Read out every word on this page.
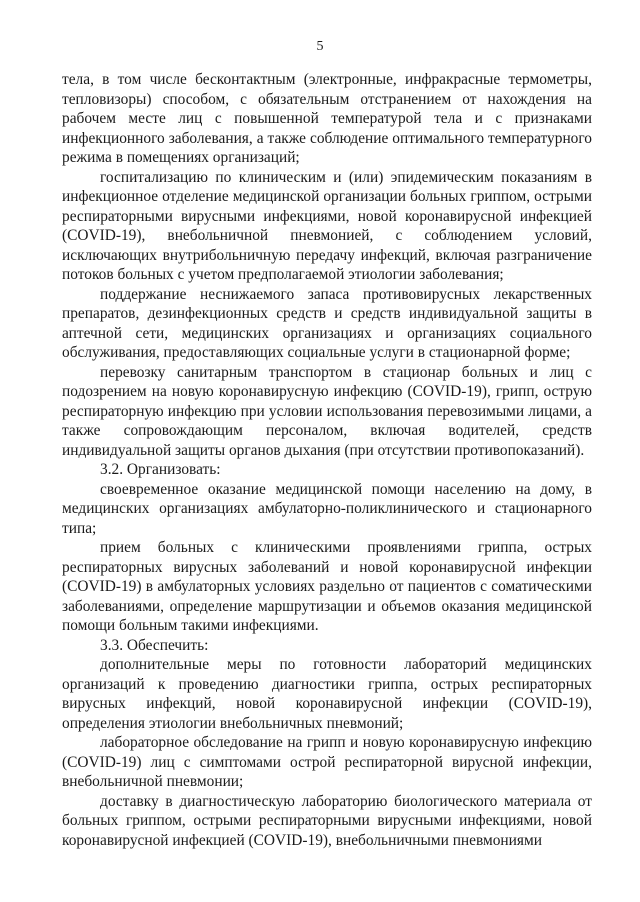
5

тела, в том числе бесконтактным (электронные, инфракрасные термометры, тепловизоры) способом, с обязательным отстранением от нахождения на рабочем месте лиц с повышенной температурой тела и с признаками инфекционного заболевания, а также соблюдение оптимального температурного режима в помещениях организаций;

госпитализацию по клиническим и (или) эпидемическим показаниям в инфекционное отделение медицинской организации больных гриппом, острыми респираторными вирусными инфекциями, новой коронавирусной инфекцией (COVID-19), внебольничной пневмонией, с соблюдением условий, исключающих внутрибольничную передачу инфекций, включая разграничение потоков больных с учетом предполагаемой этиологии заболевания;

поддержание неснижаемого запаса противовирусных лекарственных препаратов, дезинфекционных средств и средств индивидуальной защиты в аптечной сети, медицинских организациях и организациях социального обслуживания, предоставляющих социальные услуги в стационарной форме;

перевозку санитарным транспортом в стационар больных и лиц с подозрением на новую коронавирусную инфекцию (COVID-19), грипп, острую респираторную инфекцию при условии использования перевозимыми лицами, а также сопровождающим персоналом, включая водителей, средств индивидуальной защиты органов дыхания (при отсутствии противопоказаний).

3.2. Организовать:

своевременное оказание медицинской помощи населению на дому, в медицинских организациях амбулаторно-поликлинического и стационарного типа;

прием больных с клиническими проявлениями гриппа, острых респираторных вирусных заболеваний и новой коронавирусной инфекции (COVID-19) в амбулаторных условиях раздельно от пациентов с соматическими заболеваниями, определение маршрутизации и объемов оказания медицинской помощи больным такими инфекциями.

3.3. Обеспечить:

дополнительные меры по готовности лабораторий медицинских организаций к проведению диагностики гриппа, острых респираторных вирусных инфекций, новой коронавирусной инфекции (COVID-19), определения этиологии внебольничных пневмоний;

лабораторное обследование на грипп и новую коронавирусную инфекцию (COVID-19) лиц с симптомами острой респираторной вирусной инфекции, внебольничной пневмонии;

доставку в диагностическую лабораторию биологического материала от больных гриппом, острыми респираторными вирусными инфекциями, новой коронавирусной инфекцией (COVID-19), внебольничными пневмониями
